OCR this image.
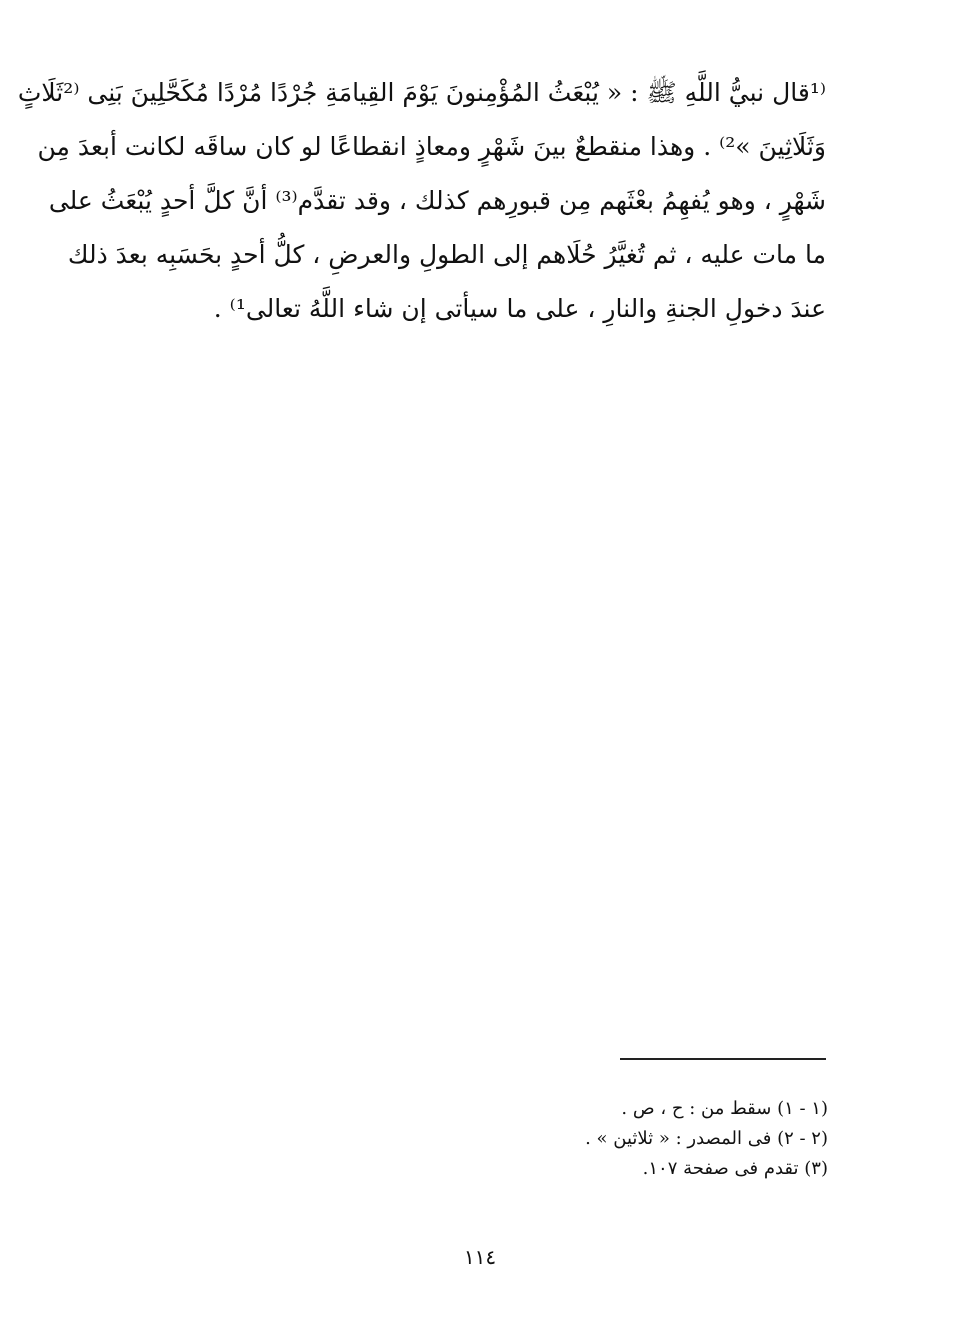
⁽¹قال نبيُّ اللَّهِ ﷺ : « يُبْعَثُ المُؤْمِنونَ يَوْمَ القِيامَةِ جُرْدًا مُرْدًا مُكَحَّلِينَ بَنِى ⁽²ثَلَاثٍ
وَثَلَاثِينَ »²⁾ . وهذا منقطعٌ بينَ شَهْرٍ ومعاذٍ انقطاعًا لو كان ساقَه لكانت أبعدَ مِن
شَهْرٍ ، وهو يُفهِمُ بعْثَهم مِن قبورِهم كذلك ، وقد تقدَّم⁽³⁾ أنَّ كلَّ أحدٍ يُبْعَثُ على
ما مات عليه ، ثم تُغيَّرُ حُلَاهم إلى الطولِ والعرضِ ، كلُّ أحدٍ بحَسَبِه بعدَ ذلك
عندَ دخولِ الجنةِ والنارِ ، على ما سيأتى إن شاء اللَّهُ تعالى¹⁾ .
(١ - ١) سقط من : ح ، ص .
(٢ - ٢) فى المصدر : « ثلاثين » .
(٣) تقدم فى صفحة ١٠٧.
١١٤
